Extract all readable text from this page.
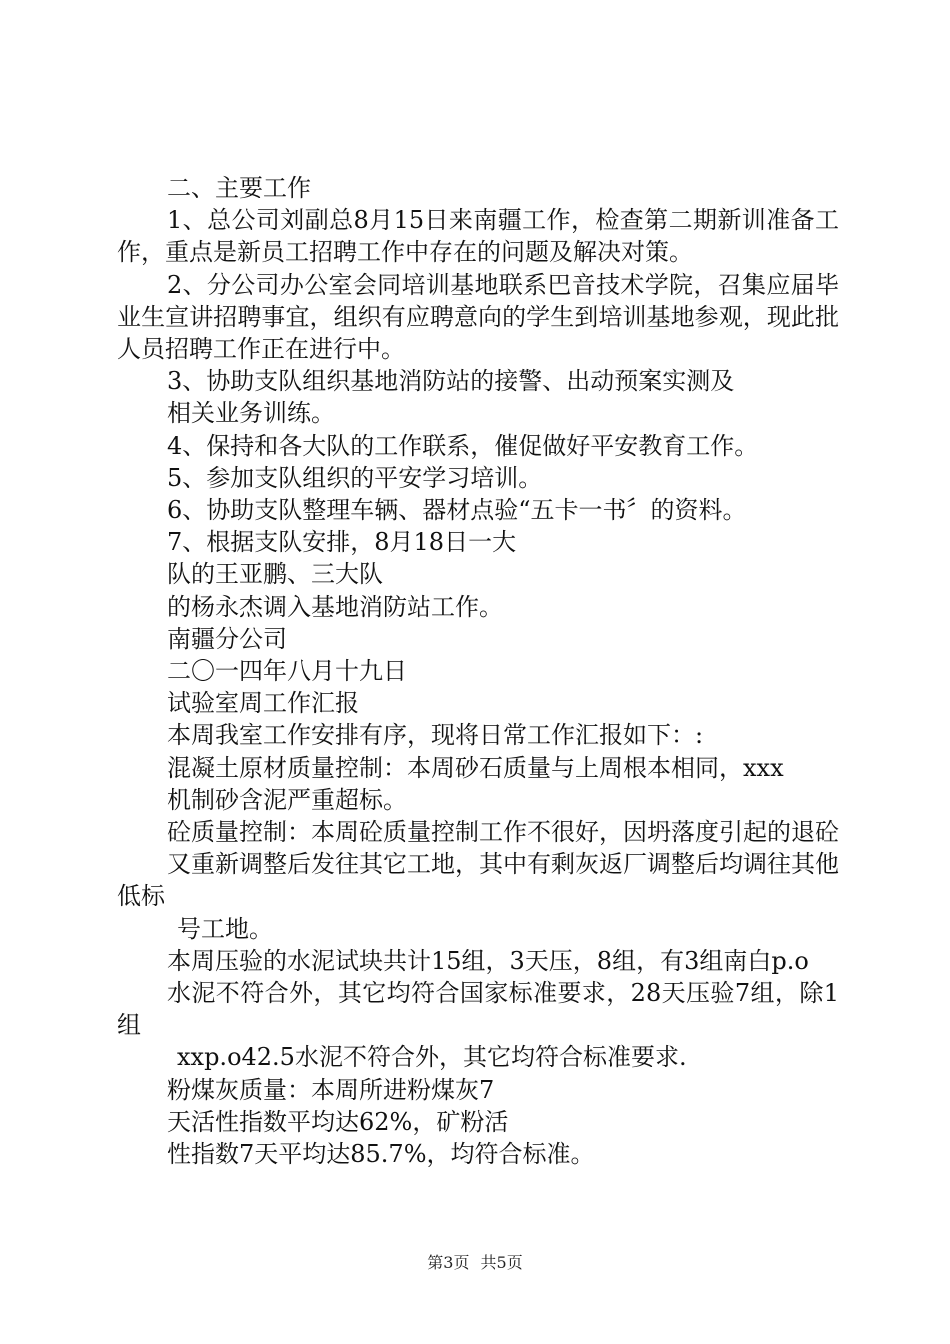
二、主要工作
1、总公司刘副总8月15日来南疆工作，检查第二期新训准备工作，重点是新员工招聘工作中存在的问题及解决对策。
2、分公司办公室会同培训基地联系巴音技术学院，召集应届毕业生宣讲招聘事宜，组织有应聘意向的学生到培训基地参观，现此批人员招聘工作正在进行中。
3、协助支队组织基地消防站的接警、出动预案实测及
相关业务训练。
4、保持和各大队的工作联系，催促做好平安教育工作。
5、参加支队组织的平安学习培训。
6、协助支队整理车辆、器材点验“五卡一书〞的资料。
7、根据支队安排，8月18日一大
队的王亚鹏、三大队
的杨永杰调入基地消防站工作。
南疆分公司
二〇一四年八月十九日
试验室周工作汇报
本周我室工作安排有序，现将日常工作汇报如下：:
混凝土原材质量控制：本周砂石质量与上周根本相同，xxx
机制砂含泥严重超标。
砼质量控制：本周砼质量控制工作不很好，因坍落度引起的退砼
又重新调整后发往其它工地，其中有剩灰返厂调整后均调往其他低标
号工地。
本周压验的水泥试块共计15组，3天压，8组，有3组南白p.o
水泥不符合外，其它均符合国家标准要求，28天压验7组，除1组
xxp.o42.5水泥不符合外，其它均符合标准要求.
粉煤灰质量：本周所进粉煤灰7
天活性指数平均达62%，矿粉活
性指数7天平均达85.7%，均符合标准。
第3页 共5页
